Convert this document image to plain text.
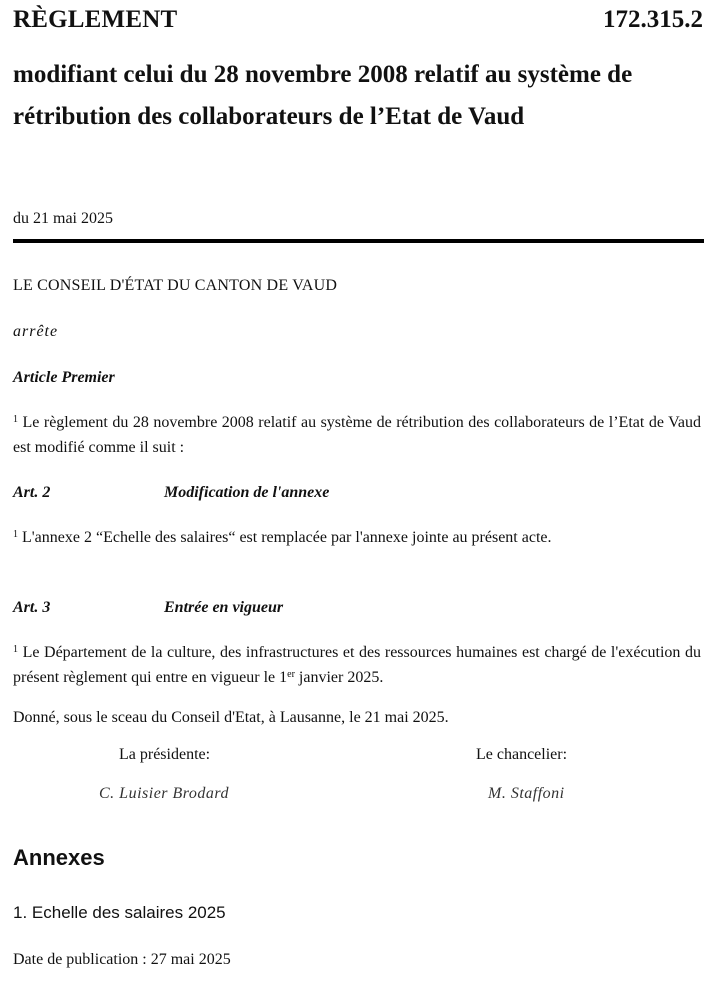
RÈGLEMENT	172.315.2
modifiant celui du 28 novembre 2008 relatif au système de rétribution des collaborateurs de l’Etat de Vaud
du 21 mai 2025
LE CONSEIL D'ÉTAT DU CANTON DE VAUD
arrête
Article Premier
$^1$ Le règlement du 28 novembre 2008 relatif au système de rétribution des collaborateurs de l’Etat de Vaud est modifié comme il suit :
Art. 2	Modification de l'annexe
$^1$ L'annexe 2 “Echelle des salaires“ est remplacée par l'annexe jointe au présent acte.
Art. 3	Entrée en vigueur
$^1$ Le Département de la culture, des infrastructures et des ressources humaines est chargé de l'exécution du présent règlement qui entre en vigueur le 1er janvier 2025.
Donné, sous le sceau du Conseil d'Etat, à Lausanne, le 21 mai 2025.
La présidente:
C. Luisier Brodard
Le chancelier:
M. Staffoni
Annexes
1. Echelle des salaires 2025
Date de publication : 27 mai 2025
